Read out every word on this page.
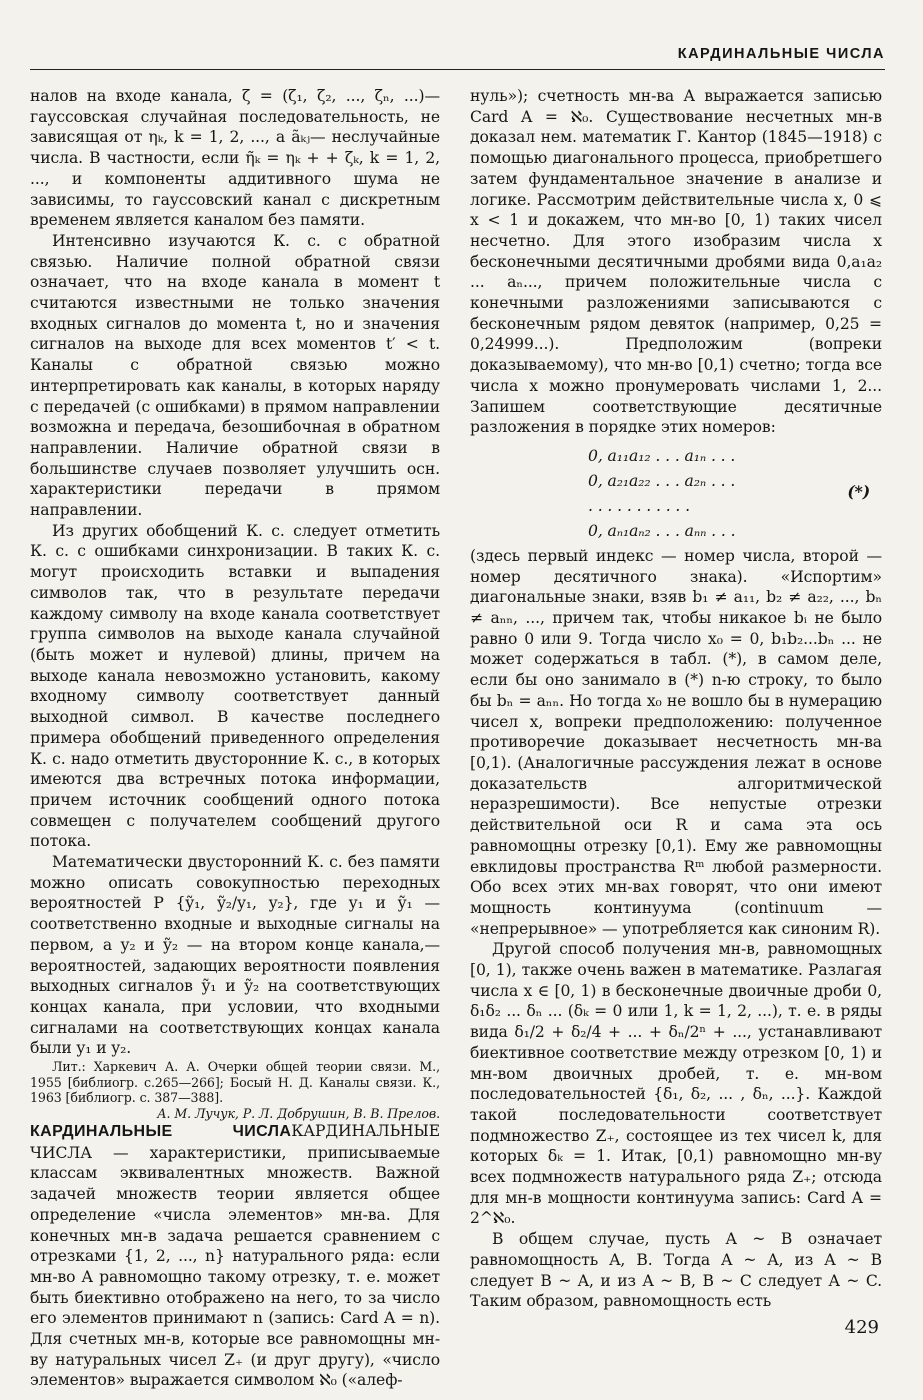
КАРДИНАЛЬНЫЕ ЧИСЛА

налов на входе канала, ζ = (ζ₁, ζ₂, ..., ζₙ, ...)— гауссовская случайная последовательность, не зависящая от ηₖ, k = 1, 2, ..., а ãₖⱼ— неслучайные числа. В частности, если η̃ₖ = ηₖ + + ζₖ, k = 1, 2, ..., и компоненты аддитивного шума не зависимы, то гауссовский канал с дискретным временем является каналом без памяти.

Интенсивно изучаются К. с. с обратной связью. Наличие полной обратной связи означает, что на входе канала в момент t считаются известными не только значения входных сигналов до момента t, но и значения сигналов на выходе для всех моментов t′ < t. Каналы с обратной связью можно интерпретировать как каналы, в которых наряду с передачей (с ошибками) в прямом направлении возможна и передача, безошибочная в обратном направлении. Наличие обратной связи в большинстве случаев позволяет улучшить осн. характеристики передачи в прямом направлении.

Из других обобщений К. с. следует отметить К. с. с ошибками синхронизации. В таких К. с. могут происходить вставки и выпадения символов так, что в результате передачи каждому символу на входе канала соответствует группа символов на выходе канала случайной (быть может и нулевой) длины, причем на выходе канала невозможно установить, какому входному символу соответствует данный выходной символ. В качестве последнего примера обобщений приведенного определения К. с. надо отметить двусторонние К. с., в которых имеются два встречных потока информации, причем источник сообщений одного потока совмещен с получателем сообщений другого потока.

Математически двусторонний К. с. без памяти можно описать совокупностью переходных вероятностей P {ỹ₁, ỹ₂/y₁, y₂}, где y₁ и ỹ₁ — соответственно входные и выходные сигналы на первом, а y₂ и ỹ₂ — на втором конце канала,— вероятностей, задающих вероятности появления выходных сигналов ỹ₁ и ỹ₂ на соответствующих концах канала, при условии, что входными сигналами на соответствующих концах канала были y₁ и y₂.

Лит.: Харкевич А. А. Очерки общей теории связи. М., 1955 [библиогр. с.265—266]; Босый Н. Д. Каналы связи. К., 1963 [библиогр. с. 387—388].

А. М. Лучук, Р. Л. Добрушин, В. В. Прелов.

КАРДИНАЛЬНЫЕ ЧИСЛАКАРДИНАЛЬНЫЕ ЧИСЛА — характеристики, приписываемые классам эквивалентных множеств. Важной задачей множеств теории является общее определение «числа элементов» мн-ва. Для конечных мн-в задача решается сравнением с отрезками {1, 2, ..., n} натурального ряда: если мн-во A равномощно такому отрезку, т. е. может быть биективно отображено на него, то за число его элементов принимают n (запись: Card A = n). Для счетных мн-в, которые все равномощны мн-ву натуральных чисел Z₊ (и друг другу), «число элементов» выражается символом ℵ₀ («алеф-

нуль»); счетность мн-ва A выражается записью Card A = ℵ₀. Существование несчетных мн-в доказал нем. математик Г. Кантор (1845—1918) с помощью диагонального процесса, приобретшего затем фундаментальное значение в анализе и логике. Рассмотрим действительные числа x, 0 ⩽ x < 1 и докажем, что мн-во [0, 1) таких чисел несчетно. Для этого изобразим числа x бесконечными десятичными дробями вида 0,a₁a₂ ... aₙ..., причем положительные числа с конечными разложениями записываются с бесконечным рядом девяток (например, 0,25 = 0,24999...). Предположим (вопреки доказываемому), что мн-во [0,1) счетно; тогда все числа x можно пронумеровать числами 1, 2... Запишем соответствующие десятичные разложения в порядке этих номеров:

0, a₁₁a₁₂ . . . a₁ₙ . . .
0, a₂₁a₂₂ . . . a₂ₙ . . .
. . . . . . . . . . .
0, aₙ₁aₙ₂ . . . aₙₙ . . .
(*)

(здесь первый индекс — номер числа, второй — номер десятичного знака). «Испортим» диагональные знаки, взяв b₁ ≠ a₁₁, b₂ ≠ a₂₂, ..., bₙ ≠ aₙₙ, ..., причем так, чтобы никакое bᵢ не было равно 0 или 9. Тогда число x₀ = 0, b₁b₂...bₙ ... не может содержаться в табл. (*), в самом деле, если бы оно занимало в (*) n-ю строку, то было бы bₙ = aₙₙ. Но тогда x₀ не вошло бы в нумерацию чисел x, вопреки предположению: полученное противоречие доказывает несчетность мн-ва [0,1). (Аналогичные рассуждения лежат в основе доказательств алгоритмической неразрешимости). Все непустые отрезки действительной оси R и сама эта ось равномощны отрезку [0,1). Ему же равномощны евклидовы пространства Rᵐ любой размерности. Обо всех этих мн-вах говорят, что они имеют мощность континуума (continuum — «непрерывное» — употребляется как синоним R).

Другой способ получения мн-в, равномощных [0, 1), также очень важен в математике. Разлагая числа x ∈ [0, 1) в бесконечные двоичные дроби 0, δ₁δ₂ ... δₙ ... (δₖ = 0 или 1, k = 1, 2, ...), т. е. в ряды вида δ₁/2 + δ₂/4 + ... + δₙ/2ⁿ + ..., устанавливают биективное соответствие между отрезком [0, 1) и мн-вом двоичных дробей, т. е. мн-вом последовательностей {δ₁, δ₂, ... , δₙ, ...}. Каждой такой последовательности соответствует подмножество Z₊, состоящее из тех чисел k, для которых δₖ = 1. Итак, [0,1) равномощно мн-ву всех подмножеств натурального ряда Z₊; отсюда для мн-в мощности континуума запись: Card A = 2^ℵ₀.

В общем случае, пусть A ~ B означает равномощность A, B. Тогда A ~ A, из A ~ B следует B ~ A, и из A ~ B, B ~ C следует A ~ C. Таким образом, равномощность есть

429
